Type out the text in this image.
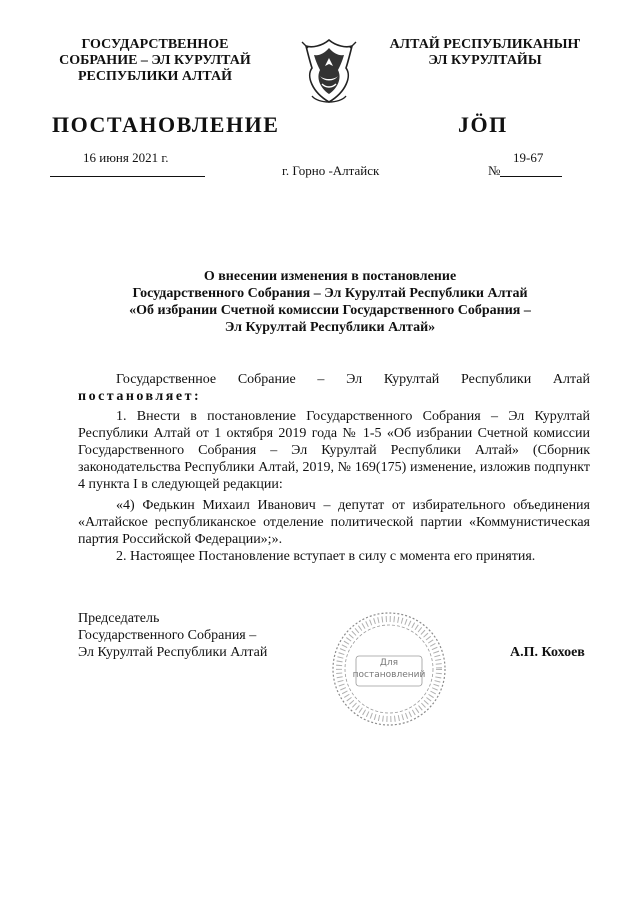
ГОСУДАРСТВЕННОЕ
СОБРАНИЕ – ЭЛ КУРУЛТАЙ
РЕСПУБЛИКИ АЛТАЙ
АЛТАЙ РЕСПУБЛИКАНЫҤ
ЭЛ КУРУЛТАЙЫ
ПОСТАНОВЛЕНИЕ	JÖП
16 июня 2021 г.
г. Горно -Алтайск
19-67
№
О внесении изменения в постановление
Государственного Собрания – Эл Курултай Республики Алтай
«Об избрании Счетной комиссии Государственного Собрания –
Эл Курултай Республики Алтай»

Государственное Собрание – Эл Курултай Республики Алтай

постановляет:

1. Внести в постановление Государственного Собрания – Эл Курултай Республики Алтай от 1 октября 2019 года № 1-5 «Об избрании Счетной комиссии Государственного Собрания – Эл Курултай Республики Алтай» (Сборник законодательства Республики Алтай, 2019, № 169(175) изменение, изложив подпункт 4 пункта I в следующей редакции:

«4) Федькин Михаил Иванович – депутат от избирательного объединения «Алтайское республиканское отделение политической партии «Коммунистическая партия Российской Федерации»;».

2. Настоящее Постановление вступает в силу с момента его принятия.

Председатель
Государственного Собрания –
Эл Курултай Республики Алтай
Для
постановлений
А.П. Кохоев
